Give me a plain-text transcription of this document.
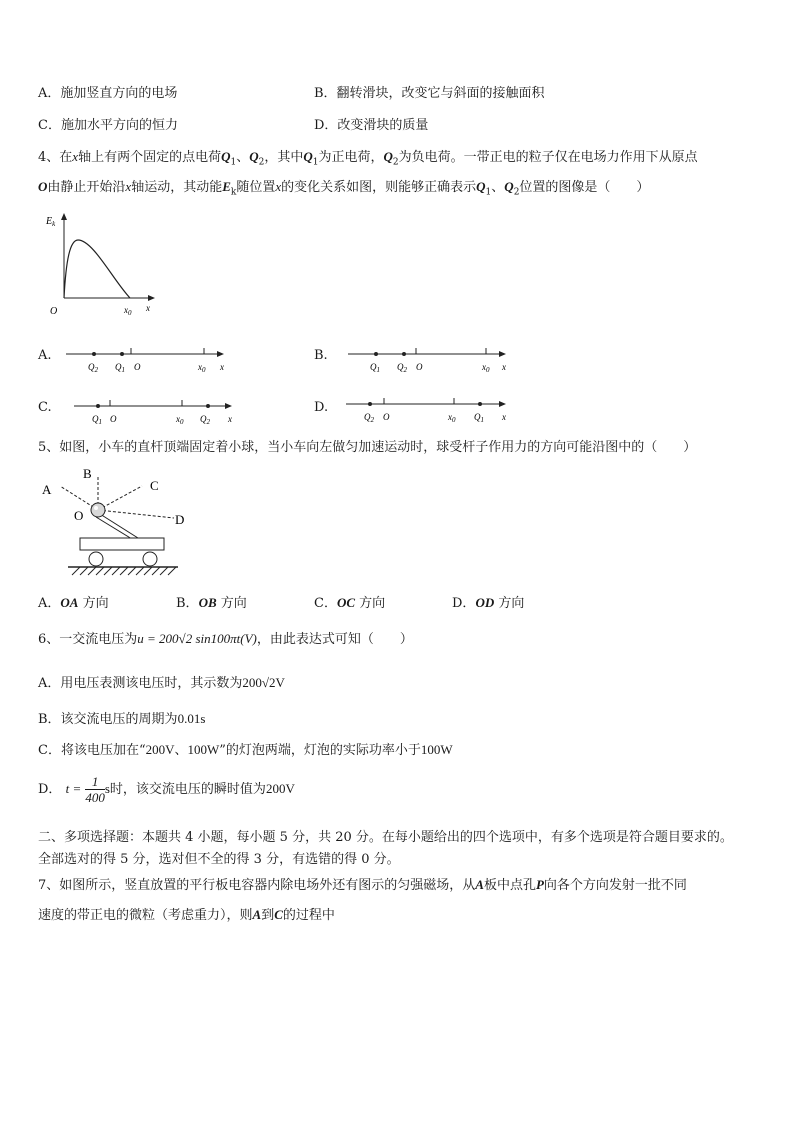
A．施加竖直方向的电场	B．翻转滑块，改变它与斜面的接触面积
C．施加水平方向的恒力	D．改变滑块的质量
4、在x轴上有两个固定的点电荷$Q_1$、$Q_2$，其中$Q_1$为正电荷，$Q_2$为负电荷。一带正电的粒子仅在电场力作用下从原点
O由静止开始沿x轴运动，其动能$E_k$随位置x的变化关系如图，则能够正确表示$Q_1$、$Q_2$位置的图像是（　　）
$E_k$
O	$x_0$ x
A.
$Q_2$ $Q_1$ O	$x_0$ x
B.
$Q_1$ $Q_2$ O	$x_0$ x
C.
$Q_1$ O	$x_0$ $Q_2$ x
D.
$Q_2$ O	$x_0$ $Q_1$ x
5、如图，小车的直杆顶端固定着小球，当小车向左做匀加速运动时，球受杆子作用力的方向可能沿图中的（　　）
A
B
C
O	D
A．OA 方向	B．OB 方向	C．OC 方向	D．OD 方向
6、一交流电压为u = 200√2 sin100πt(V)，由此表达式可知（　　）
A．用电压表测该电压时，其示数为200√2V
B．该交流电压的周期为0.01s
C．将该电压加在“200V、100W”的灯泡两端，灯泡的实际功率小于100W
D． $t = \frac{1}{400}$ s时，该交流电压的瞬时值为200V
二、多项选择题：本题共 4 小题，每小题 5 分，共 20 分。在每小题给出的四个选项中，有多个选项是符合题目要求的。
全部选对的得 5 分，选对但不全的得 3 分，有选错的得 0 分。
7、如图所示，竖直放置的平行板电容器内除电场外还有图示的匀强磁场，从A板中点孔P向各个方向发射一批不同
速度的带正电的微粒（考虑重力），则A到C的过程中
